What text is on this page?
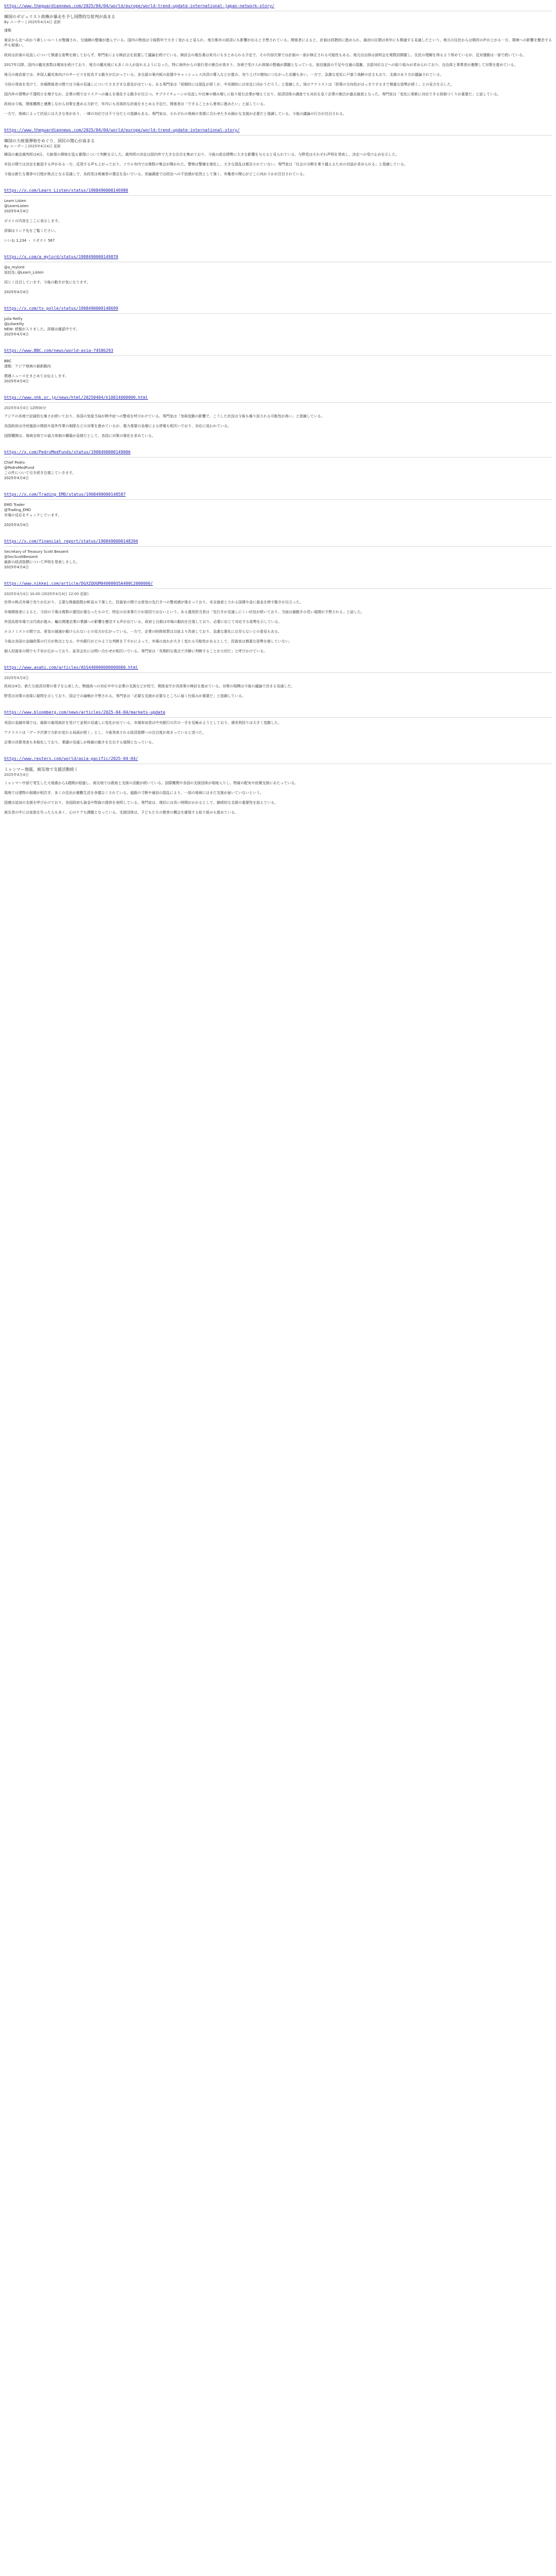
https://www.theguardiannews.com/2025/04/04/world/europe/world-trend-update-international-japan-network-story/
韓国のポピュリスト政権が暴走を予し国際的な批判が高まる
By ユーザー | 2025年4月4日 更新
速報

東京から北へ向かう新しいルートが整備され、交通網の整備が進んでいる。国内の物流は今後数年で大きく変わると見られ、地方都市の経済にも影響が出ると予想されている。関係者によると、計画は段階的に進められ、最初の区間は来年にも開通する見通しだという。地元の住民からは期待の声が上がる一方、環境への影響を懸念する声も根強い。

政府は計画の見直しについて慎重な姿勢を崩しておらず、専門家による検討会を設置して議論を続けている。検討会の報告書は来月にもまとめられる予定で、その内容次第では計画の一部が修正される可能性もある。地元自治体は説明会を複数回開催し、住民の理解を得るよう努めているが、反対運動は一部で続いている。

2017年以降、国内の観光客数は増加を続けており、地方の観光地にも多くの人が訪れるようになった。特に海外からの旅行者の割合が高まり、各地で受け入れ体制の整備が課題となっている。宿泊施設の不足や交通の混雑、言語対応などへの取り組みが求められており、自治体と事業者が連携して対策を進めている。

地元の商店街では、外国人観光客向けのサービスを拡充する動きが広がっている。多言語の案内板の設置やキャッシュレス決済の導入などが進み、売り上げの増加につながった店舗も多い。一方で、急激な変化に戸惑う高齢の店主もおり、支援のあり方が議論されている。

今回の発表を受けて、市場関係者の間では今後の見通しについてさまざまな意見が出ている。ある専門家は「短期的には混乱が続くが、中長期的には安定に向かうだろう」と指摘した。別のアナリストは「政策の方向性がはっきりするまで慎重な姿勢が続く」との見方を示した。

国内外の情勢が不透明さを増すなか、企業の間ではリスクへの備えを強化する動きが目立つ。サプライチェーンの見直しや在庫の積み増しに取り組む企業が増えており、経済団体の調査でも対応を急ぐ企業の割合が過去最高となった。専門家は「変化に柔軟に対応できる体制づくりが重要だ」と話している。

政府は今後、関係機関と連携しながら対策を進める方針で、年内にも具体的な計画をまとめる予定だ。関係者は「できることから着実に進めたい」と話している。

一方で、地域によって状況には大きな差があり、一律の対応では不十分だとの指摘もある。専門家は、それぞれの地域の実情に合わせたきめ細かな支援が必要だと強調している。今後の議論の行方が注目される。

https://www.theguardiannews.com/2025/04/04/world/europe/world-trend-update-international-story/
韓国の大統領弾劾をめぐり、国民の関心が高まる
By ユーザー | 2025年4月4日 更新

韓国の憲法裁判所は4日、大統領の弾劾を巡る審理について判断を示した。裁判所の決定は国内外で大きな注目を集めており、今後の政治情勢に大きな影響を与えると見られている。与野党はそれぞれ声明を発表し、決定への受け止めを示した。

市民の間では決定を歓迎する声がある一方、反発する声も上がっており、ソウル市内では複数の集会が開かれた。警察は警備を強化し、大きな混乱は報告されていない。専門家は「社会の分断を乗り越えるための対話が求められる」と指摘している。

今後は新たな選挙の日程が焦点となる見通しで、各政党は候補者の選定を急いでいる。世論調査では政治への不信感が依然として強く、有権者の関心がどこに向かうかが注目されている。

https://x.com/Learn_Listen/status/1908490000146980
Learn Listen
@LearnListen
2025年4月4日
ポストの内容をここに表示します。
詳細はリンク先をご覧ください。
いいね 1,234 ・ リポスト 567
https://x.com/a_mylord/status/1908490000149870
@a_mylord
返信先: @Learn_Listen
同じく注目しています。今後の動きが気になります。
2025年4月4日
https://x.com/tv_polle/status/1908490000148699
Julia Reilly
@juliareilly
NEW: 続報が入りました。詳細は確認中です。
2025年4月4日
https://www.BBC.com/news/world-asia-74586293
BBC
速報：アジア地域の最新動向
関連ニュースをまとめてお伝えします。
2025年4月4日
https://www.nhk.or.jp/news/html/20250404/k10014000000.html
2025年4月4日 12時00分

アジアの各地で記録的な暑さが続いており、各国の気象当局が熱中症への警戒を呼びかけている。専門家は「気候変動の影響で、こうした状況は今後も繰り返される可能性が高い」と指摘している。

各国政府は冷房施設の開放や屋外作業の制限などの対策を進めているが、電力需要の急増による停電も相次いでおり、対応に追われている。

国際機関は、地域全体での協力体制の構築が急務だとして、各国に対策の強化を求めている。

https://x.com/PedroMedFunds/status/1908490000149006
Chief Pedro
@PedroMedFund
この件について引き続き注視していきます。
2025年4月4日
https://x.com/Trading_EMD/status/1908490000148587
EMD Trader
@Trading_EMD
市場の反応をチェックしています。
2025年4月4日
https://x.com/financial_report/status/1908490000148394
Secretary of Treasury Scott Bessent
@SecScottBessent
最新の経済指標について声明を発表しました。
2025年4月4日
https://www.nikkei.com/article/DGXZQOGM040000U5A400C2000000/
2025年4月4日 10:00 (2025年4月4日 12:00 更新)

世界の株式市場で売りが広がり、主要な株価指数が軒並み下落した。投資家の間では景気の先行きへの警戒感が強まっており、安全資産とされる国債や金に資金を移す動きが目立った。

市場関係者によると、今回の下落は複数の要因が重なったもので、特定の出来事だけが原因ではないという。ある運用担当者は「先行きが見通しにくい状況が続いており、当面は値動きの荒い展開が予想される」と話した。

外国為替市場では円高が進み、輸出関連企業の業績への影響を懸念する声が出ている。政府と日銀は市場の動向を注視しており、必要に応じて対応する姿勢を示している。

エコノミストの間では、景気の減速が避けられないとの見方が広がっている。一方で、企業の財務体質は以前より改善しており、急激な悪化には至らないとの意見もある。

今後は各国の金融政策の行方が焦点となる。中央銀行がどのような判断を下すかによって、市場の流れが大きく変わる可能性があるとして、投資家は慎重な姿勢を崩していない。

個人投資家の間でも不安が広がっており、証券会社には問い合わせが相次いでいる。専門家は「長期的な視点で冷静に判断することが大切だ」と呼びかけている。

https://www.asahi.com/articles/ASS440000000000000.html
2025年4月4日

政府は4日、新たな経済対策の骨子を公表した。物価高への対応や中小企業の支援などが柱で、関係省庁が具体策の検討を進めている。対策の規模は今後の議論で決まる見通しだ。

野党は対策の効果に疑問を示しており、国会での論戦が予想される。専門家は「必要な支援が必要なところに届く仕組みが重要だ」と指摘している。

https://www.bloomberg.com/news/articles/2025-04-04/markets-update

米国の金融市場では、最新の雇用統計を受けて金利の見通しに変化が出ている。市場参加者は中央銀行の次の一手を見極めようとしており、債券利回りは大きく変動した。

アナリストは「データ次第で方針が変わる局面が続く」とし、今後発表される経済指標への注目度が高まっていると述べた。

企業の決算発表も本格化しており、業績の見通しが株価の動きを左右する展開となっている。

https://www.reuters.com/world/asia-pacific/2025-04-04/
ミャンマー地震、被災地で支援活動続く
2025年4月4日

ミャンマー中部で発生した大地震から1週間が経過し、被災地では救助と支援の活動が続いている。国際機関や各国の支援団体が現地入りし、物資の配布や医療支援にあたっている。

現地では建物の倒壊が相次ぎ、多くの住民が避難生活を余儀なくされている。道路の寸断や通信の混乱により、一部の地域にはまだ支援が届いていないという。

国連は追加の支援を呼びかけており、各国政府も資金や物資の提供を表明している。専門家は、復旧には長い時間がかかるとして、継続的な支援の重要性を訴えている。

被災者の中には家族を失った人も多く、心のケアも課題となっている。支援団体は、子どもたちの教育の機会を確保する取り組みも進めている。
